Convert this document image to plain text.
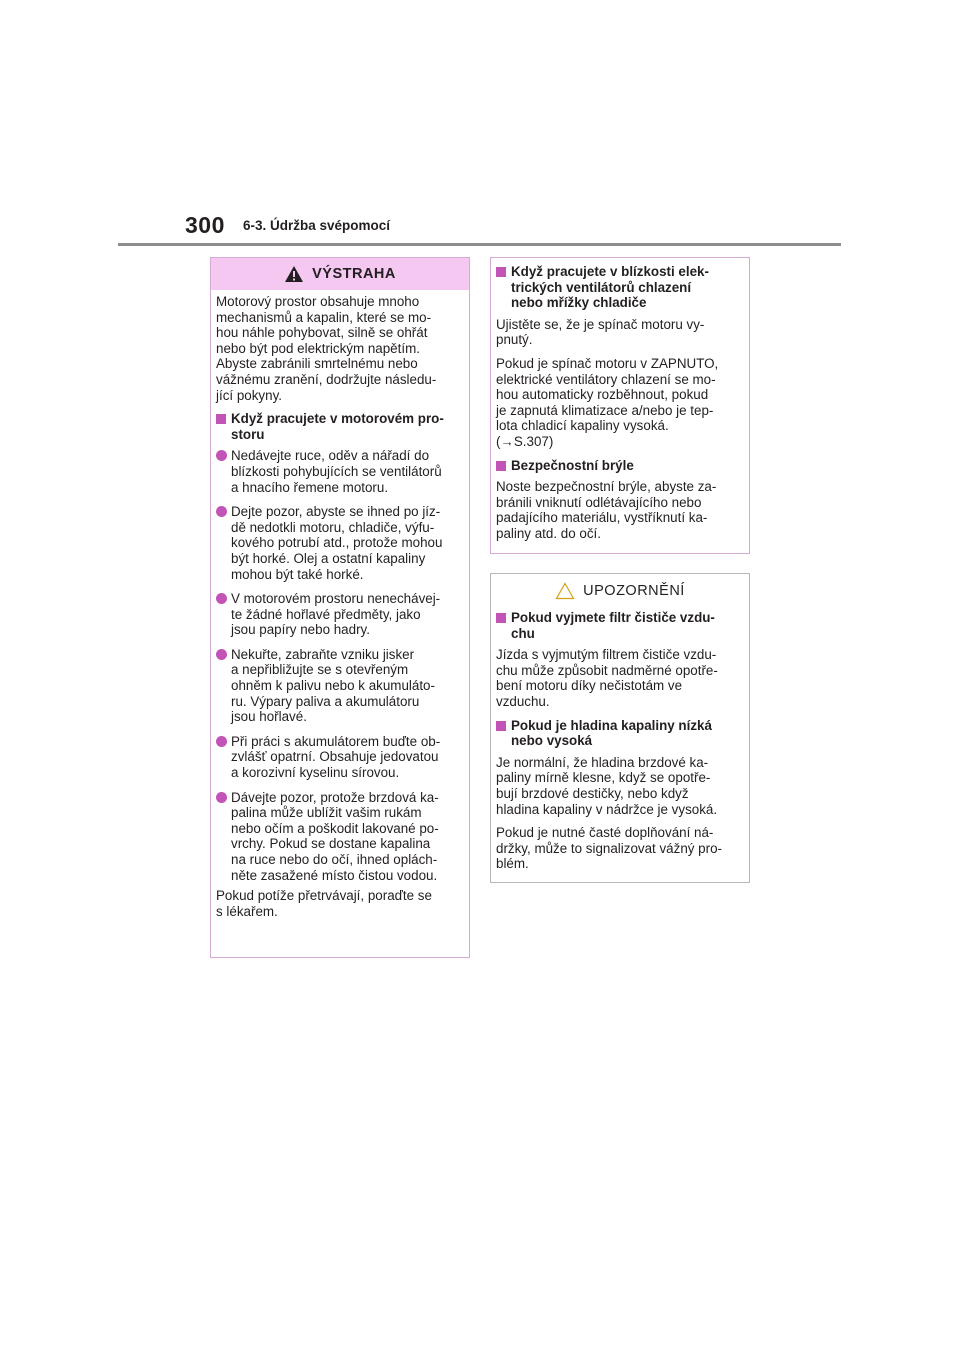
300 6-3. Údržba svépomocí
VÝSTRAHA

Motorový prostor obsahuje mnoho
mechanismů a kapalin, které se mo-
hou náhle pohybovat, silně se ohřát
nebo být pod elektrickým napětím.
Abyste zabránili smrtelnému nebo
vážnému zranění, dodržujte následu-
jící pokyny.

Když pracujete v motorovém pro-
storu
Nedávejte ruce, oděv a nářadí do
blízkosti pohybujících se ventilátorů
a hnacího řemene motoru.
Dejte pozor, abyste se ihned po jíz-
dě nedotkli motoru, chladiče, výfu-
kového potrubí atd., protože mohou
být horké. Olej a ostatní kapaliny
mohou být také horké.
V motorovém prostoru nenechávej-
te žádné hořlavé předměty, jako
jsou papíry nebo hadry.
Nekuřte, zabraňte vzniku jisker
a nepřibližujte se s otevřeným
ohněm k palivu nebo k akumuláto-
ru. Výpary paliva a akumulátoru
jsou hořlavé.
Při práci s akumulátorem buďte ob-
zvlášť opatrní. Obsahuje jedovatou
a korozivní kyselinu sírovou.
Dávejte pozor, protože brzdová ka-
palina může ublížit vašim rukám
nebo očím a poškodit lakované po-
vrchy. Pokud se dostane kapalina
na ruce nebo do očí, ihned oplách-
něte zasažené místo čistou vodou.

Pokud potíže přetrvávají, poraďte se
s lékařem.

Když pracujete v blízkosti elek-
trických ventilátorů chlazení
nebo mřížky chladiče

Ujistěte se, že je spínač motoru vy-
pnutý.

Pokud je spínač motoru v ZAPNUTO,
elektrické ventilátory chlazení se mo-
hou automaticky rozběhnout, pokud
je zapnutá klimatizace a/nebo je tep-
lota chladicí kapaliny vysoká.
(→S.307)

Bezpečnostní brýle

Noste bezpečnostní brýle, abyste za-
bránili vniknutí odlétávajícího nebo
padajícího materiálu, vystříknutí ka-
paliny atd. do očí.

UPOZORNĚNÍ
Pokud vyjmete filtr čističe vzdu-
chu

Jízda s vyjmutým filtrem čističe vzdu-
chu může způsobit nadměrné opotře-
bení motoru díky nečistotám ve
vzduchu.

Pokud je hladina kapaliny nízká
nebo vysoká

Je normální, že hladina brzdové ka-
paliny mírně klesne, když se opotře-
bují brzdové destičky, nebo když
hladina kapaliny v nádržce je vysoká.

Pokud je nutné časté doplňování ná-
držky, může to signalizovat vážný pro-
blém.
